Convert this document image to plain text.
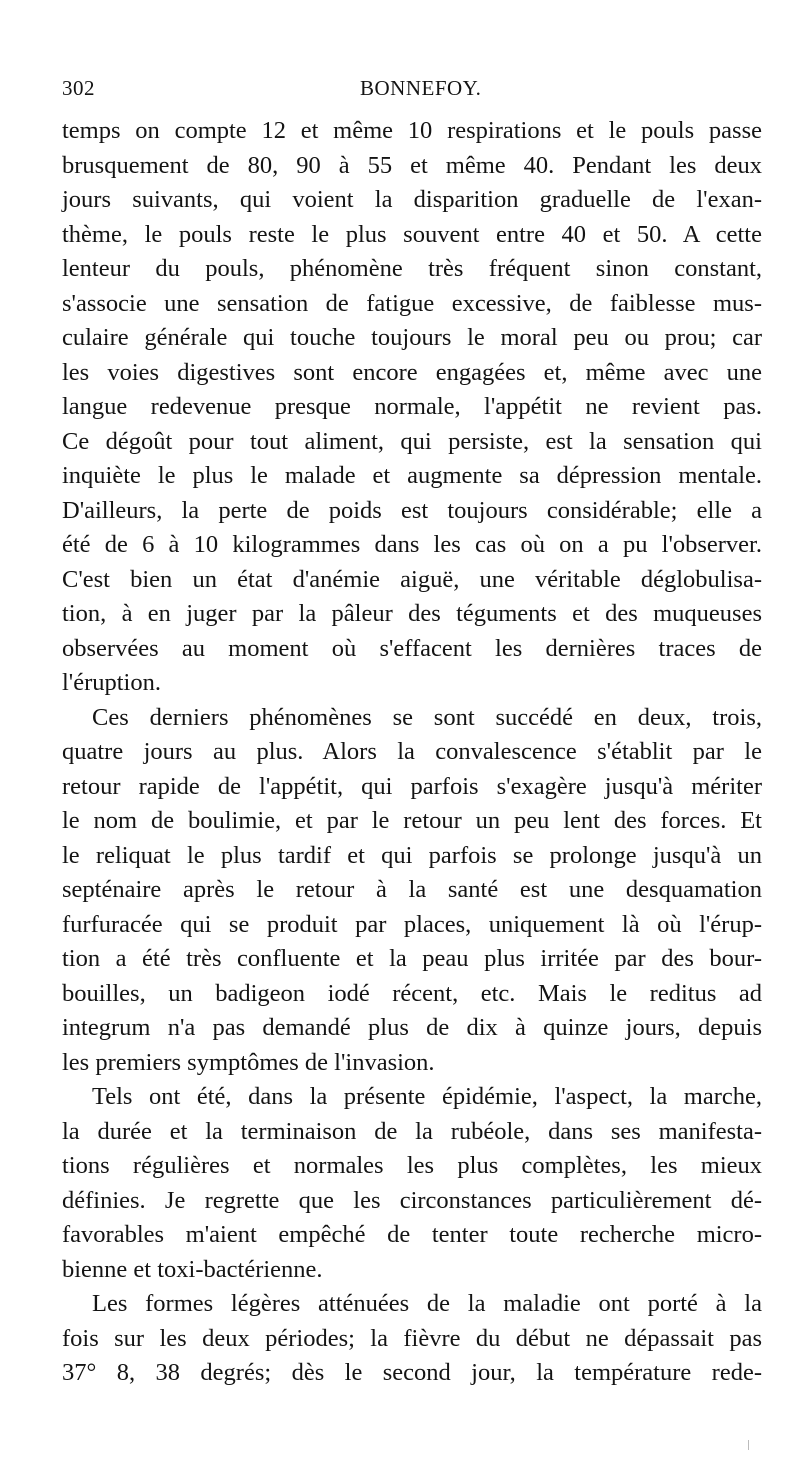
302	BONNEFOY.
temps on compte 12 et même 10 respirations et le pouls passe
brusquement de 80, 90 à 55 et même 40. Pendant les deux
jours suivants, qui voient la disparition graduelle de l'exan-
thème, le pouls reste le plus souvent entre 40 et 50. A cette
lenteur du pouls, phénomène très fréquent sinon constant,
s'associe une sensation de fatigue excessive, de faiblesse mus-
culaire générale qui touche toujours le moral peu ou prou; car
les voies digestives sont encore engagées et, même avec une
langue redevenue presque normale, l'appétit ne revient pas.
Ce dégoût pour tout aliment, qui persiste, est la sensation qui
inquiète le plus le malade et augmente sa dépression mentale.
D'ailleurs, la perte de poids est toujours considérable; elle a
été de 6 à 10 kilogrammes dans les cas où on a pu l'observer.
C'est bien un état d'anémie aiguë, une véritable déglobulisa-
tion, à en juger par la pâleur des téguments et des muqueuses
observées au moment où s'effacent les dernières traces de
l'éruption.
Ces derniers phénomènes se sont succédé en deux, trois,
quatre jours au plus. Alors la convalescence s'établit par le
retour rapide de l'appétit, qui parfois s'exagère jusqu'à mériter
le nom de boulimie, et par le retour un peu lent des forces. Et
le reliquat le plus tardif et qui parfois se prolonge jusqu'à un
septénaire après le retour à la santé est une desquamation
furfuracée qui se produit par places, uniquement là où l'érup-
tion a été très confluente et la peau plus irritée par des bour-
bouilles, un badigeon iodé récent, etc. Mais le reditus ad
integrum n'a pas demandé plus de dix à quinze jours, depuis
les premiers symptômes de l'invasion.
Tels ont été, dans la présente épidémie, l'aspect, la marche,
la durée et la terminaison de la rubéole, dans ses manifesta-
tions régulières et normales les plus complètes, les mieux
définies. Je regrette que les circonstances particulièrement dé-
favorables m'aient empêché de tenter toute recherche micro-
bienne et toxi-bactérienne.
Les formes légères atténuées de la maladie ont porté à la
fois sur les deux périodes; la fièvre du début ne dépassait pas
37° 8, 38 degrés; dès le second jour, la température rede-
